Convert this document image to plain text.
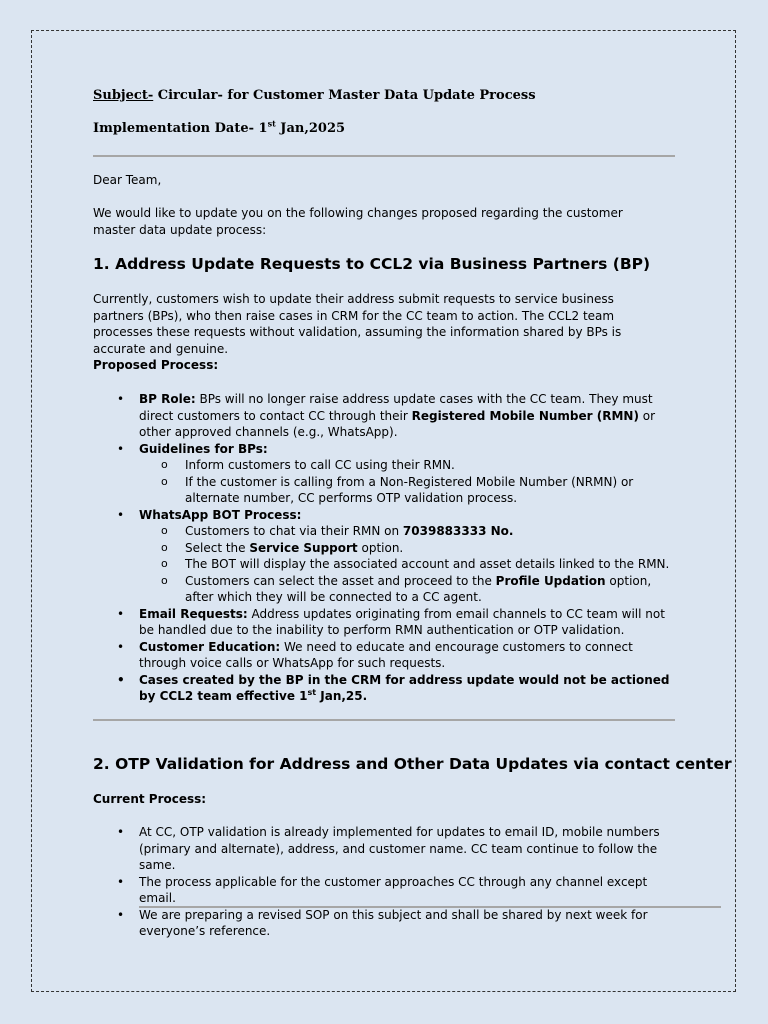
Subject- Circular- for Customer Master Data Update Process
Implementation Date- 1st Jan,2025

Dear Team,

We would like to update you on the following changes proposed regarding the customer master data update process:

1. Address Update Requests to CCL2 via Business Partners (BP)

Currently, customers wish to update their address submit requests to service business partners (BPs), who then raise cases in CRM for the CC team to action. The CCL2 team processes these requests without validation, assuming the information shared by BPs is accurate and genuine.

Proposed Process:
• BP Role: BPs will no longer raise address update cases with the CC team. They must direct customers to contact CC through their Registered Mobile Number (RMN) or other approved channels (e.g., WhatsApp).
• Guidelines for BPs:
o Inform customers to call CC using their RMN.
o If the customer is calling from a Non-Registered Mobile Number (NRMN) or alternate number, CC performs OTP validation process.
• WhatsApp BOT Process:
o Customers to chat via their RMN on 7039883333 No.
o Select the Service Support option.
o The BOT will display the associated account and asset details linked to the RMN.
o Customers can select the asset and proceed to the Profile Updation option, after which they will be connected to a CC agent.
• Email Requests: Address updates originating from email channels to CC team will not be handled due to the inability to perform RMN authentication or OTP validation.
• Customer Education: We need to educate and encourage customers to connect through voice calls or WhatsApp for such requests.
• Cases created by the BP in the CRM for address update would not be actioned by CCL2 team effective 1st Jan,25.
2. OTP Validation for Address and Other Data Updates via contact center
Current Process:
• At CC, OTP validation is already implemented for updates to email ID, mobile numbers (primary and alternate), address, and customer name. CC team continue to follow the same.
• The process applicable for the customer approaches CC through any channel except email.
• We are preparing a revised SOP on this subject and shall be shared by next week for everyone’s reference.
